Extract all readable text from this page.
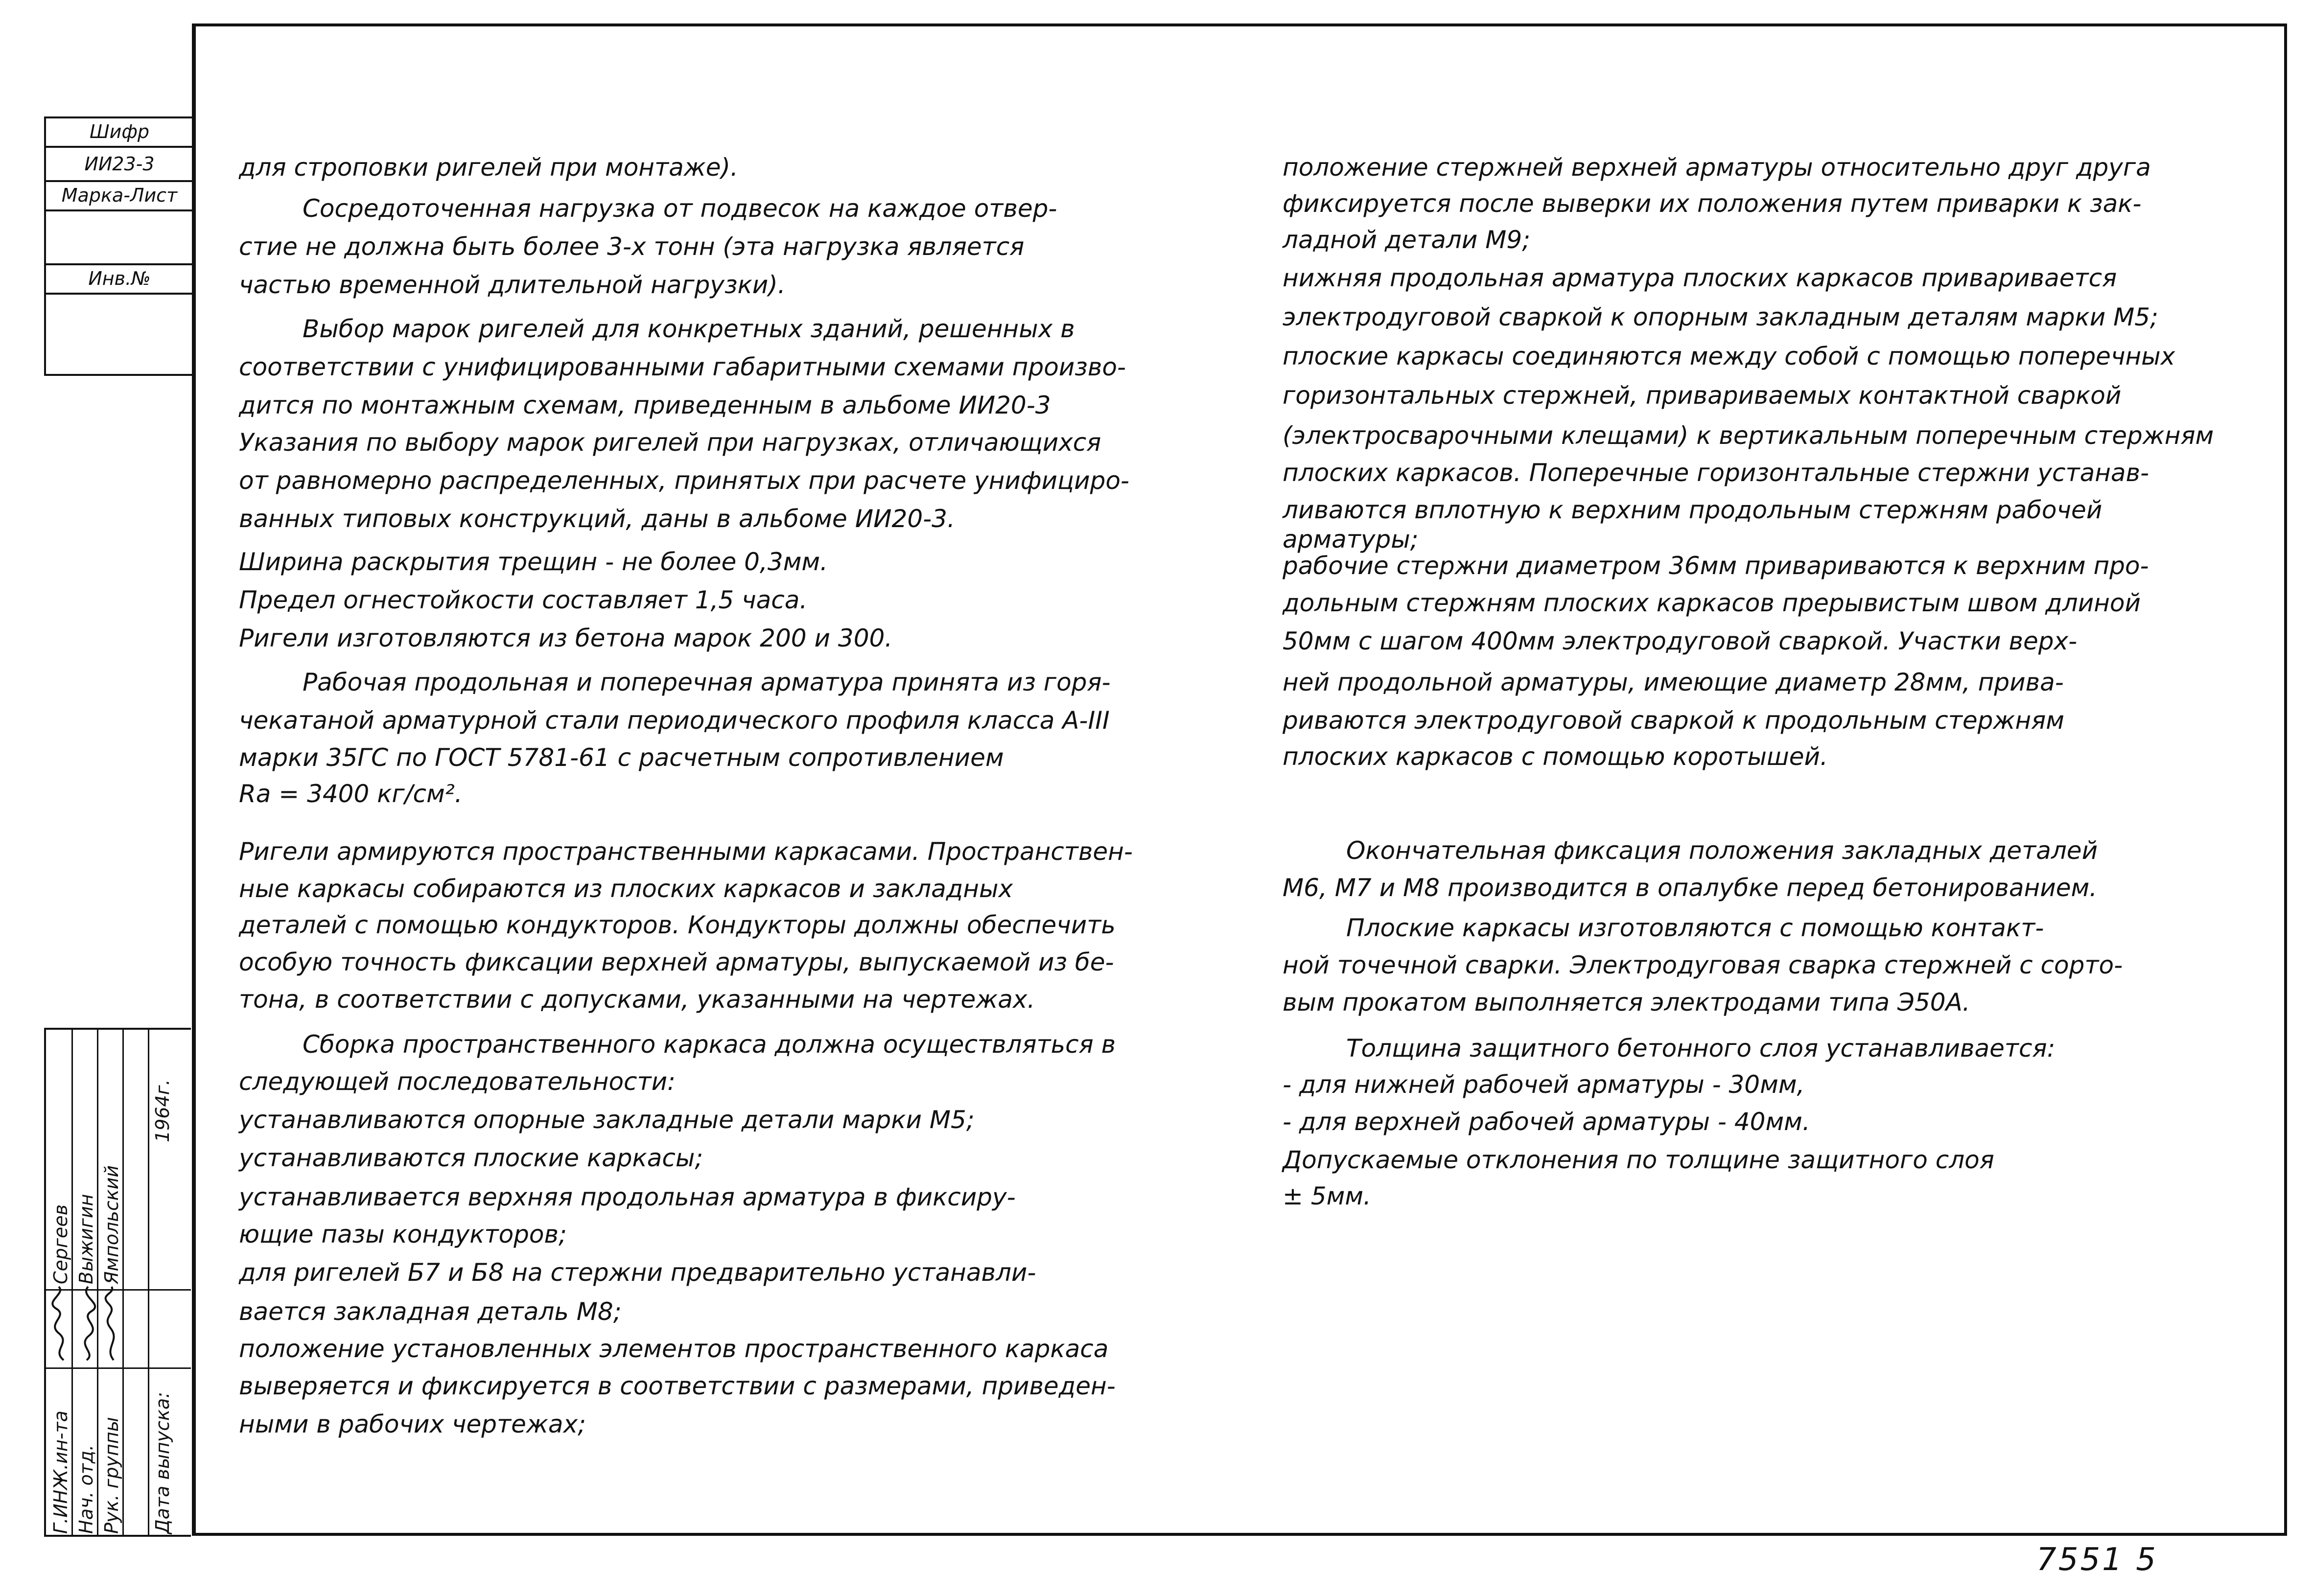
Шифр
ИИ23-3
Марка-Лист
Инв.№
Г.ИНЖ.ин-та Нач. отд. Рук. группы Дата выпуска:
Сергеев Выжигин Ямпольский
1964г.
для строповки ригелей при монтаже).
Сосредоточенная нагрузка от подвесок на каждое отвер-
стие не должна быть более 3-х тонн (эта нагрузка является
частью временной длительной нагрузки).
Выбор марок ригелей для конкретных зданий, решенных в
соответствии с унифицированными габаритными схемами произво-
дится по монтажным схемам, приведенным в альбоме ИИ20-3
Указания по выбору марок ригелей при нагрузках, отличающихся
от равномерно распределенных, принятых при расчете унифициро-
ванных типовых конструкций, даны в альбоме ИИ20-3.
Ширина раскрытия трещин - не более 0,3мм.
Предел огнестойкости составляет 1,5 часа.
Ригели изготовляются из бетона марок 200 и 300.
Рабочая продольная и поперечная арматура принята из горя-
чекатаной арматурной стали периодического профиля класса А-III
марки 35ГС по ГОСТ 5781-61 с расчетным сопротивлением
Rа = 3400 кг/см².
Ригели армируются пространственными каркасами. Пространствен-
ные каркасы собираются из плоских каркасов и закладных
деталей с помощью кондукторов. Кондукторы должны обеспечить
особую точность фиксации верхней арматуры, выпускаемой из бе-
тона, в соответствии с допусками, указанными на чертежах.
Сборка пространственного каркаса должна осуществляться в
следующей последовательности:
устанавливаются опорные закладные детали марки М5;
устанавливаются плоские каркасы;
устанавливается верхняя продольная арматура в фиксиру-
ющие пазы кондукторов;
для ригелей Б7 и Б8 на стержни предварительно устанавли-
вается закладная деталь М8;
положение установленных элементов пространственного каркаса
выверяется и фиксируется в соответствии с размерами, приведен-
ными в рабочих чертежах;
положение стержней верхней арматуры относительно друг друга
фиксируется после выверки их положения путем приварки к зак-
ладной детали М9;
нижняя продольная арматура плоских каркасов приваривается
электродуговой сваркой к опорным закладным деталям марки М5;
плоские каркасы соединяются между собой с помощью поперечных
горизонтальных стержней, привариваемых контактной сваркой
(электросварочными клещами) к вертикальным поперечным стержням
плоских каркасов. Поперечные горизонтальные стержни устанав-
ливаются вплотную к верхним продольным стержням рабочей
арматуры;
рабочие стержни диаметром 36мм привариваются к верхним про-
дольным стержням плоских каркасов прерывистым швом длиной
50мм с шагом 400мм электродуговой сваркой. Участки верх-
ней продольной арматуры, имеющие диаметр 28мм, прива-
риваются электродуговой сваркой к продольным стержням
плоских каркасов с помощью коротышей.
Окончательная фиксация положения закладных деталей
М6, М7 и М8 производится в опалубке перед бетонированием.
Плоские каркасы изготовляются с помощью контакт-
ной точечной сварки. Электродуговая сварка стержней с сорто-
вым прокатом выполняется электродами типа Э50А.
Толщина защитного бетонного слоя устанавливается:
- для нижней рабочей арматуры - 30мм,
- для верхней рабочей арматуры - 40мм.
Допускаемые отклонения по толщине защитного слоя
± 5мм.
7551 5
